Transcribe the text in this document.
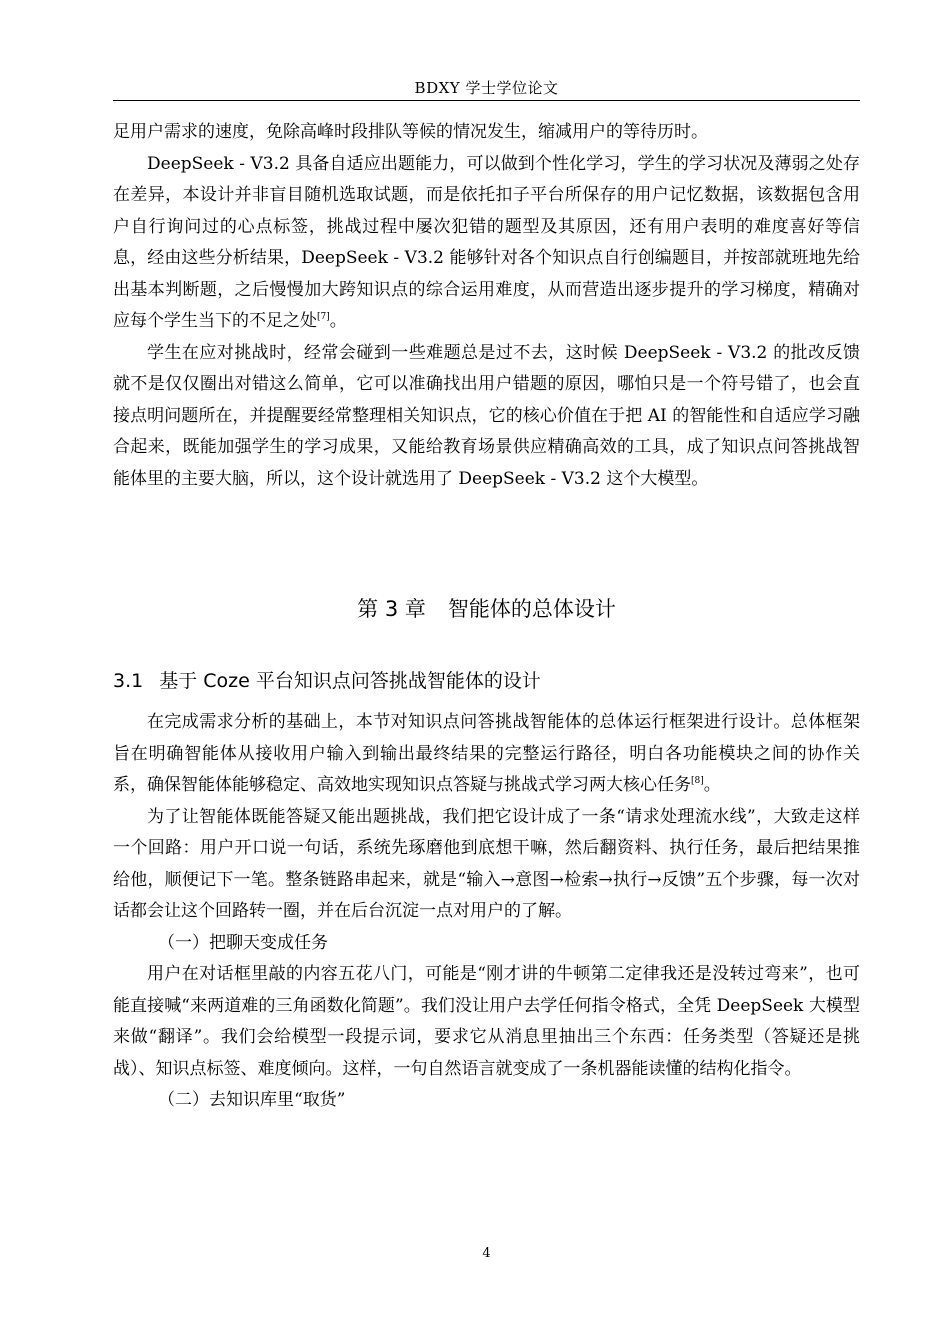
BDXY 学士学位论文

足用户需求的速度，免除高峰时段排队等候的情况发生，缩减用户的等待历时。

DeepSeek - V3.2 具备自适应出题能力，可以做到个性化学习，学生的学习状况及薄弱之处存在差异，本设计并非盲目随机选取试题，而是依托扣子平台所保存的用户记忆数据，该数据包含用户自行询问过的心点标签，挑战过程中屡次犯错的题型及其原因，还有用户表明的难度喜好等信息，经由这些分析结果，DeepSeek - V3.2 能够针对各个知识点自行创编题目，并按部就班地先给出基本判断题，之后慢慢加大跨知识点的综合运用难度，从而营造出逐步提升的学习梯度，精确对应每个学生当下的不足之处[7]。

学生在应对挑战时，经常会碰到一些难题总是过不去，这时候 DeepSeek - V3.2 的批改反馈就不是仅仅圈出对错这么简单，它可以准确找出用户错题的原因，哪怕只是一个符号错了，也会直接点明问题所在，并提醒要经常整理相关知识点，它的核心价值在于把 AI 的智能性和自适应学习融合起来，既能加强学生的学习成果，又能给教育场景供应精确高效的工具，成了知识点问答挑战智能体里的主要大脑，所以，这个设计就选用了 DeepSeek - V3.2 这个大模型。

第 3 章 智能体的总体设计
3.1 基于 Coze 平台知识点问答挑战智能体的设计

在完成需求分析的基础上，本节对知识点问答挑战智能体的总体运行框架进行设计。总体框架旨在明确智能体从接收用户输入到输出最终结果的完整运行路径，明白各功能模块之间的协作关系，确保智能体能够稳定、高效地实现知识点答疑与挑战式学习两大核心任务[8]。

为了让智能体既能答疑又能出题挑战，我们把它设计成了一条“请求处理流水线”，大致走这样一个回路：用户开口说一句话，系统先琢磨他到底想干嘛，然后翻资料、执行任务，最后把结果推给他，顺便记下一笔。整条链路串起来，就是“输入→意图→检索→执行→反馈”五个步骤，每一次对话都会让这个回路转一圈，并在后台沉淀一点对用户的了解。

（一）把聊天变成任务

用户在对话框里敲的内容五花八门，可能是“刚才讲的牛顿第二定律我还是没转过弯来”，也可能直接喊“来两道难的三角函数化简题”。我们没让用户去学任何指令格式，全凭 DeepSeek 大模型来做“翻译”。我们会给模型一段提示词，要求它从消息里抽出三个东西：任务类型（答疑还是挑战）、知识点标签、难度倾向。这样，一句自然语言就变成了一条机器能读懂的结构化指令。

（二）去知识库里“取货”

4
